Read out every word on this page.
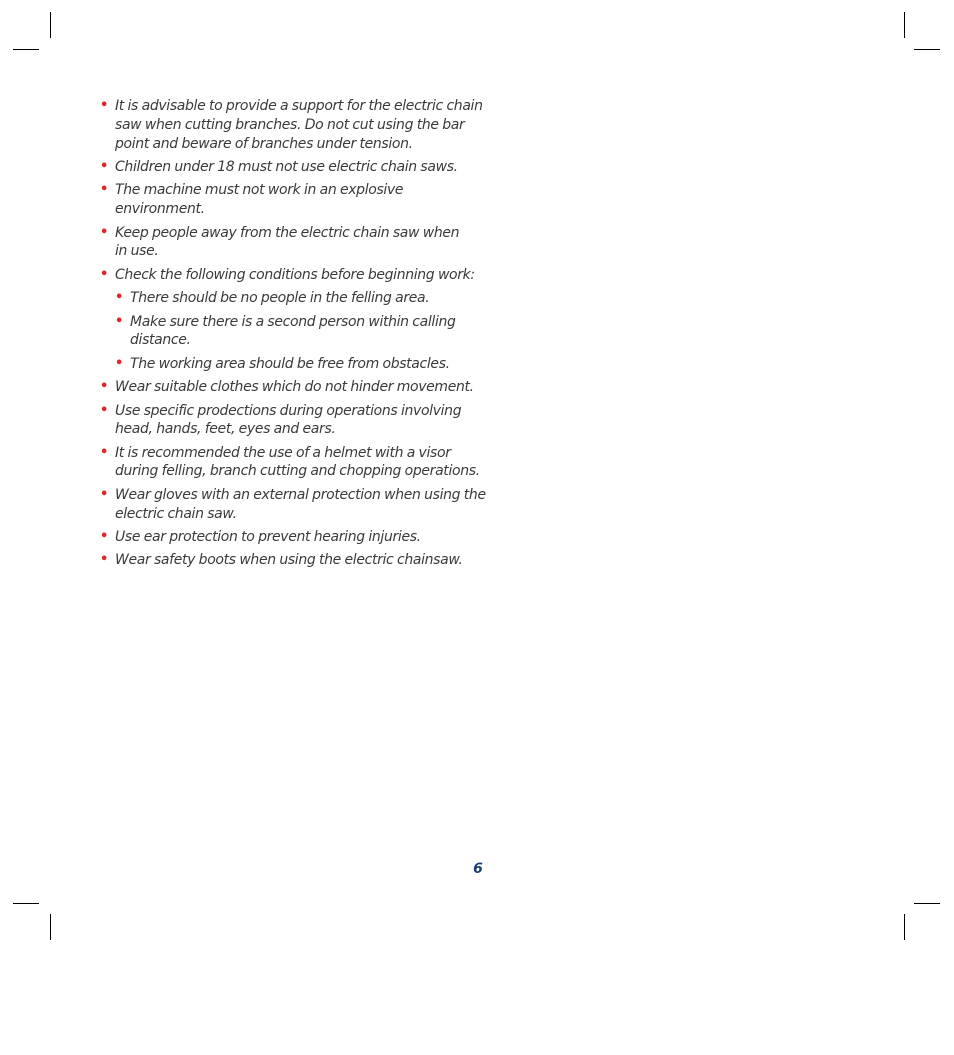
• It is advisable to provide a support for the electric chain
saw when cutting branches. Do not cut using the bar
point and beware of branches under tension.
• Children under 18 must not use electric chain saws.
• The machine must not work in an explosive
environment.
• Keep people away from the electric chain saw when
in use.
• Check the following conditions before beginning work:
• There should be no people in the felling area.
• Make sure there is a second person within calling
distance.
• The working area should be free from obstacles.
• Wear suitable clothes which do not hinder movement.
• Use specific prodections during operations involving
head, hands, feet, eyes and ears.
• It is recommended the use of a helmet with a visor
during felling, branch cutting and chopping operations.
• Wear gloves with an external protection when using the
electric chain saw.
• Use ear protection to prevent hearing injuries.
• Wear safety boots when using the electric chainsaw.
6
